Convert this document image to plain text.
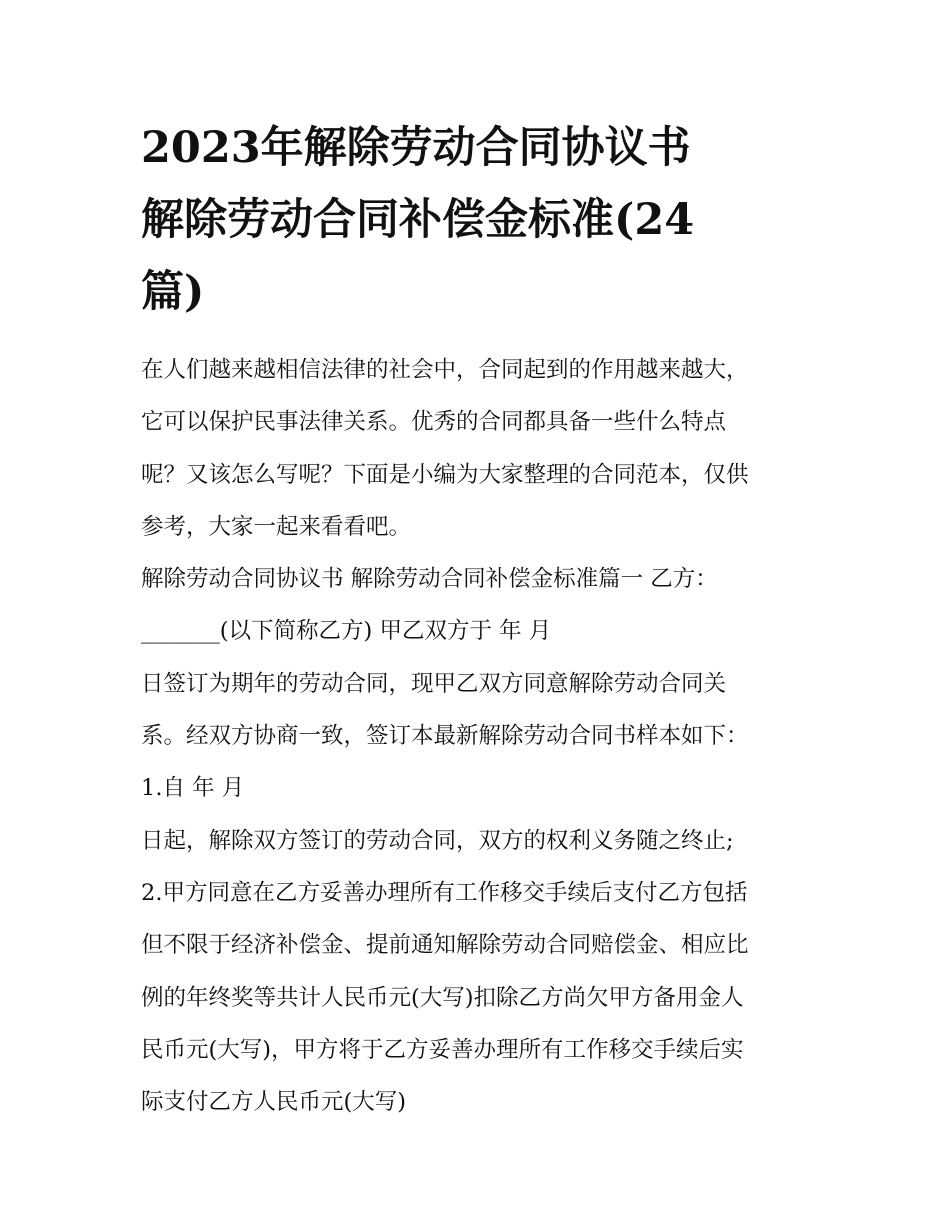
2023年解除劳动合同协议书
解除劳动合同补偿金标准(24
篇)

在人们越来越相信法律的社会中，合同起到的作用越来越大，

它可以保护民事法律关系。优秀的合同都具备一些什么特点

呢？又该怎么写呢？下面是小编为大家整理的合同范本，仅供

参考，大家一起来看看吧。

解除劳动合同协议书 解除劳动合同补偿金标准篇一 乙方：

_______(以下简称乙方) 甲乙双方于 年 月

日签订为期年的劳动合同，现甲乙双方同意解除劳动合同关

系。经双方协商一致，签订本最新解除劳动合同书样本如下：

1.自 年 月

日起，解除双方签订的劳动合同，双方的权利义务随之终止;

2.甲方同意在乙方妥善办理所有工作移交手续后支付乙方包括

但不限于经济补偿金、提前通知解除劳动合同赔偿金、相应比

例的年终奖等共计人民币元(大写)扣除乙方尚欠甲方备用金人

民币元(大写)，甲方将于乙方妥善办理所有工作移交手续后实

际支付乙方人民币元(大写)
